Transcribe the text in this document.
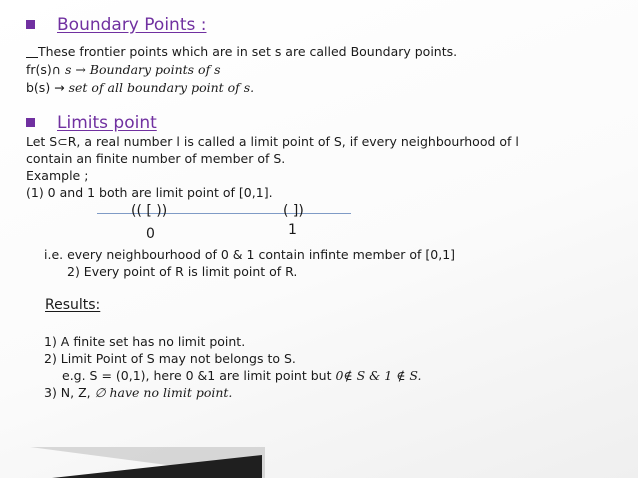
Boundary Points :
These frontier points which are in set s are called Boundary points.
fr(s)∩ s → Boundary points of s
b(s) → set of all boundary point of s.
Limits point
Let S⊂R, a real number l is called a limit point of S, if every neighbourhood of l
contain an finite number of member of S.
Example ;
(1) 0 and 1 both are limit point of [0,1].
(( [ ))	( ])
0	1
i.e. every neighbourhood of 0 & 1 contain infinte member of [0,1]
2) Every point of R is limit point of R.
Results:
1) A finite set has no limit point.
2) Limit Point of S may not belongs to S.
e.g. S = (0,1), here 0 &1 are limit point but 0∉ S & 1 ∉ S.
3) N, Z, ∅ have no limit point.
